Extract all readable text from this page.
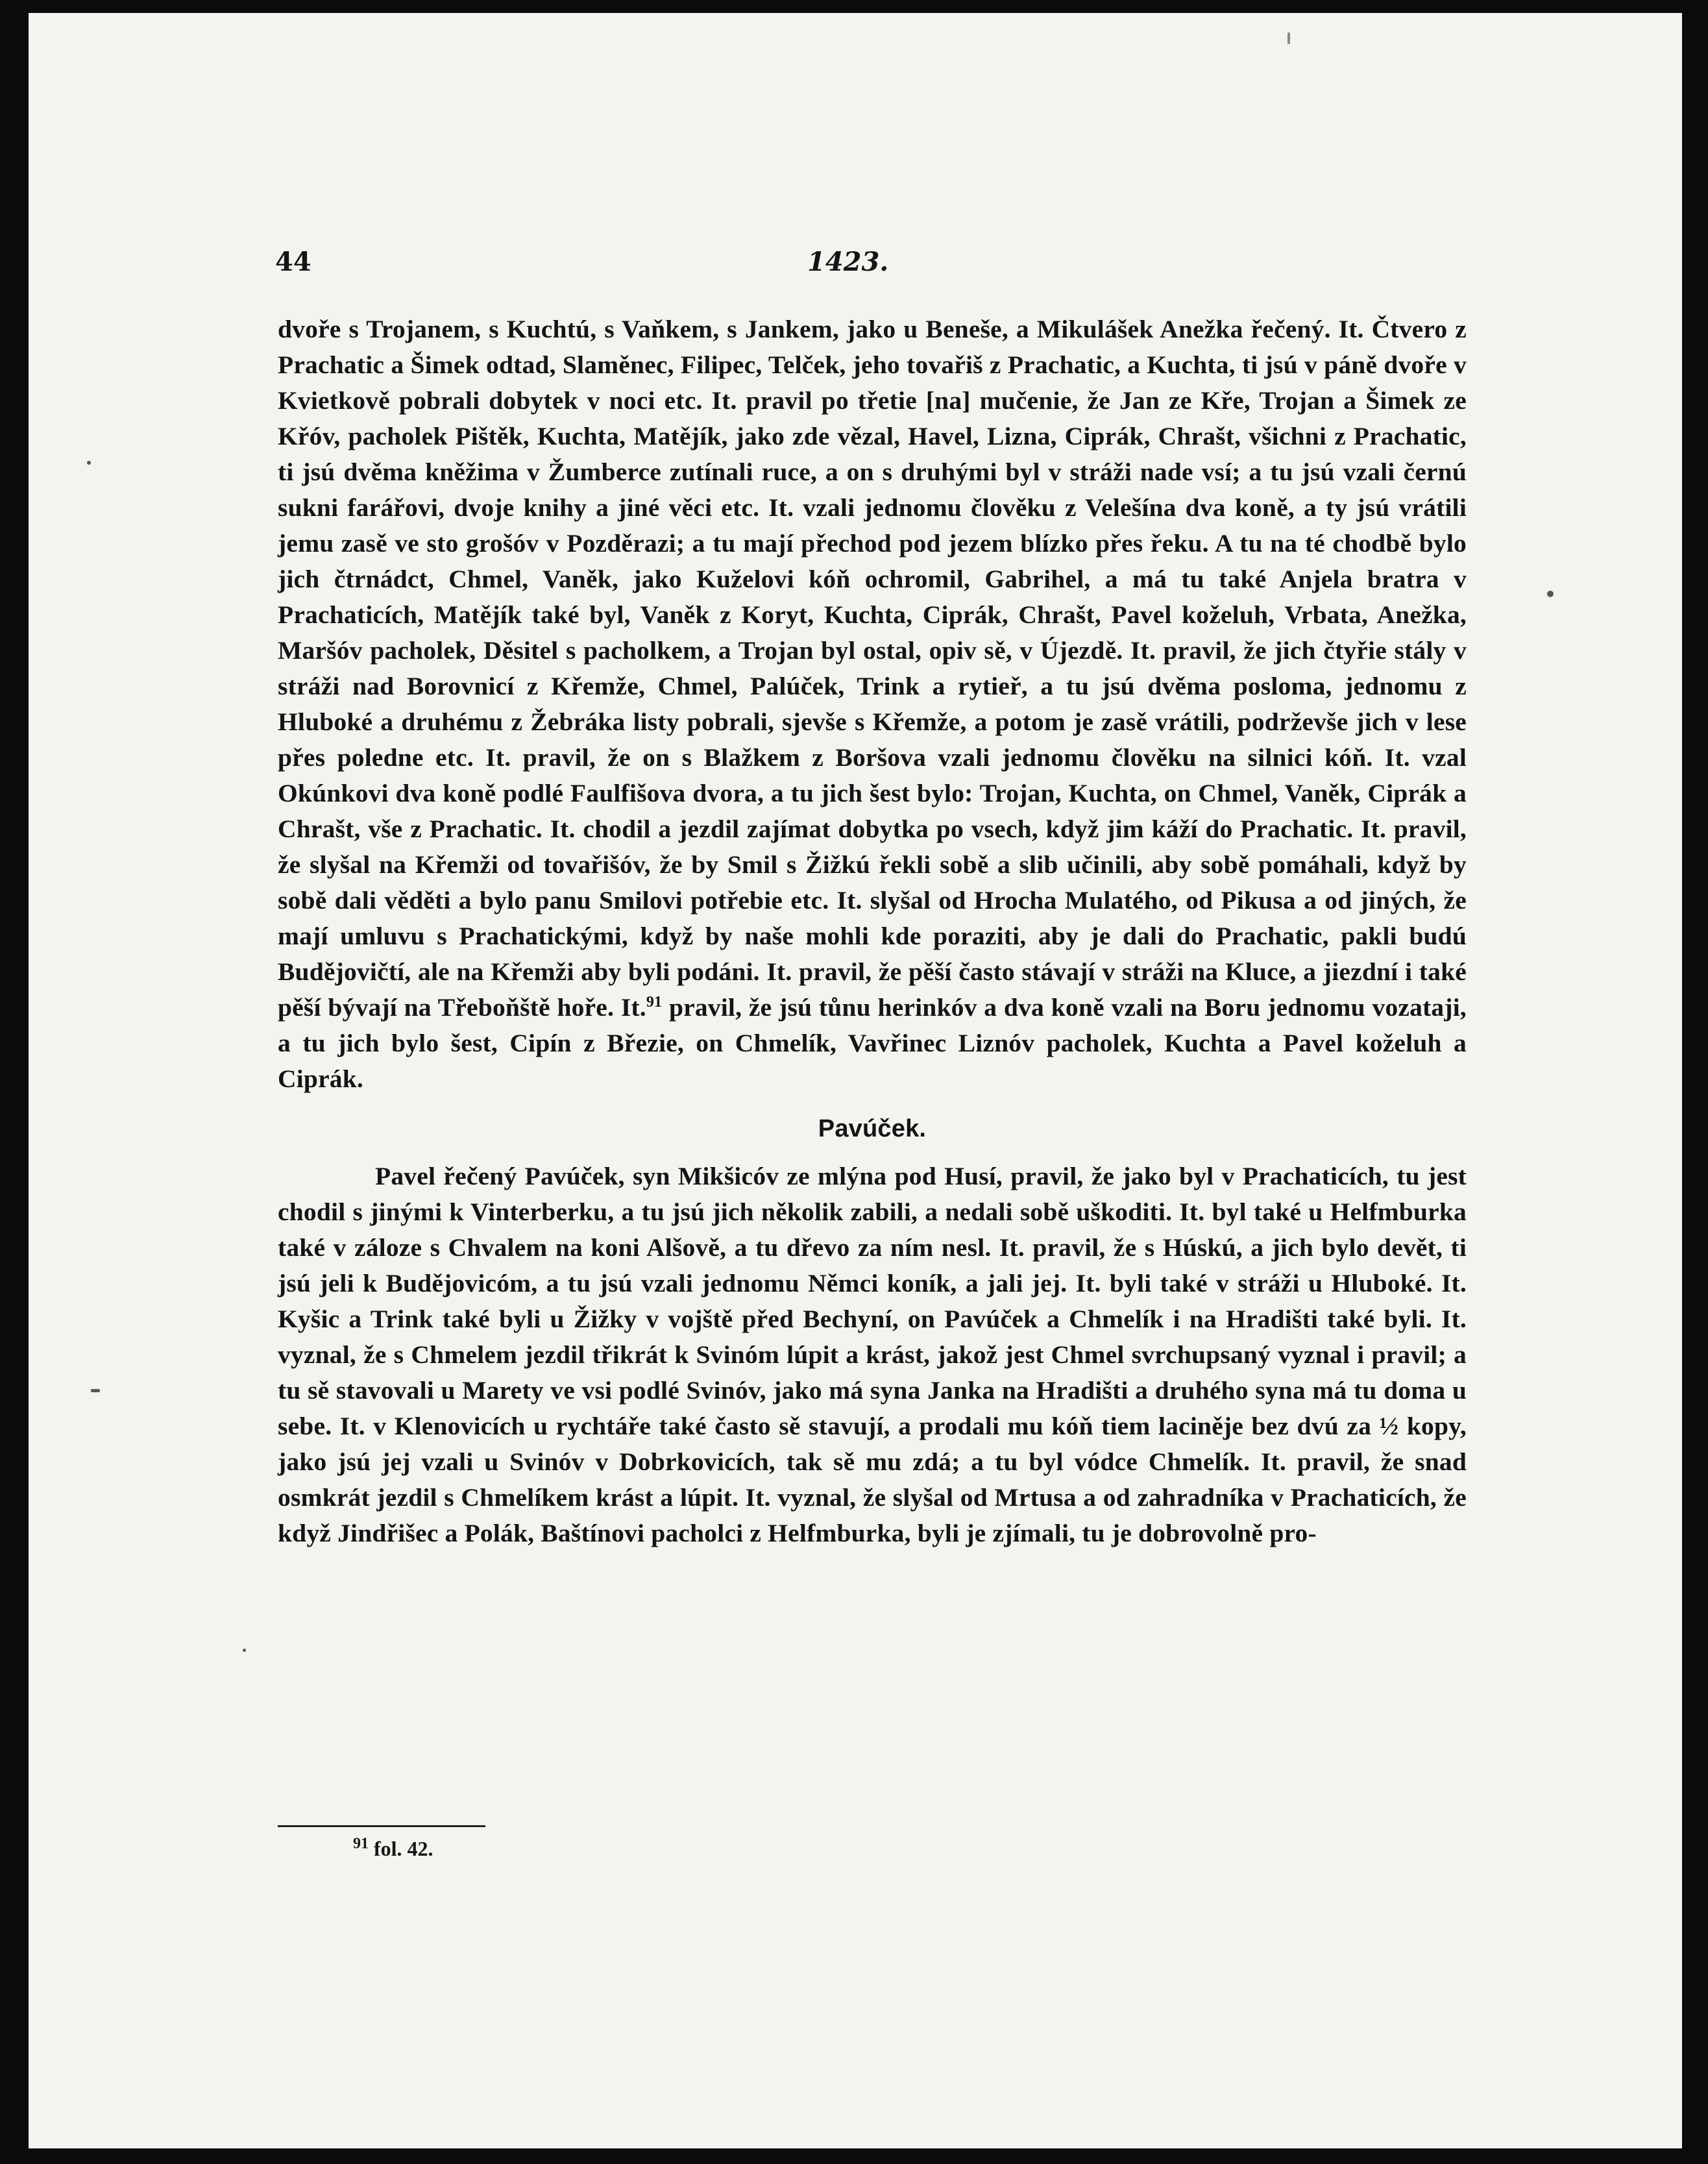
44	1423.

dvoře s Trojanem, s Kuchtú, s Vaňkem, s Jankem, jako u Beneše, a Mikulášek Anežka řečený. It. Čtvero z Prachatic a Šimek odtad, Slaměnec, Filipec, Telček, jeho tovařiš z Prachatic, a Kuchta, ti jsú v páně dvoře v Kvietkově pobrali dobytek v noci etc. It. pravil po třetie [na] mučenie, že Jan ze Kře, Trojan a Šimek ze Křóv, pacholek Pištěk, Kuchta, Matějík, jako zde vězal, Havel, Lizna, Ciprák, Chrašt, všichni z Prachatic, ti jsú dvěma kněžima v Žumberce zutínali ruce, a on s druhými byl v stráži nade vsí; a tu jsú vzali černú sukni farářovi, dvoje knihy a jiné věci etc. It. vzali jednomu člověku z Velešína dva koně, a ty jsú vrátili jemu zasě ve sto grošóv v Pozděrazi; a tu mají přechod pod jezem blízko přes řeku. A tu na té chodbě bylo jich čtrnádct, Chmel, Vaněk, jako Kuželovi kóň ochromil, Gabrihel, a má tu také Anjela bratra v Prachaticích, Matějík také byl, Vaněk z Koryt, Kuchta, Ciprák, Chrašt, Pavel koželuh, Vrbata, Anežka, Maršóv pacholek, Děsitel s pacholkem, a Trojan byl ostal, opiv sě, v Újezdě. It. pravil, že jich čtyřie stály v stráži nad Borovnicí z Křemže, Chmel, Palúček, Trink a rytieř, a tu jsú dvěma posloma, jednomu z Hluboké a druhému z Žebráka listy pobrali, sjevše s Křemže, a potom je zasě vrátili, podrževše jich v lese přes poledne etc. It. pravil, že on s Blažkem z Boršova vzali jednomu člověku na silnici kóň. It. vzal Okúnkovi dva koně podlé Faulfišova dvora, a tu jich šest bylo: Trojan, Kuchta, on Chmel, Vaněk, Ciprák a Chrašt, vše z Prachatic. It. chodil a jezdil zajímat dobytka po vsech, když jim káží do Prachatic. It. pravil, že slyšal na Křemži od tovařišóv, že by Smil s Žižkú řekli sobě a slib učinili, aby sobě pomáhali, když by sobě dali věděti a bylo panu Smilovi potřebie etc. It. slyšal od Hrocha Mulatého, od Pikusa a od jiných, že mají umluvu s Prachatickými, když by naše mohli kde poraziti, aby je dali do Prachatic, pakli budú Budějovičtí, ale na Křemži aby byli podáni. It. pravil, že pěší často stávají v stráži na Kluce, a jiezdní i také pěší bývají na Třeboňště hoře. It.$^{91}$ pravil, že jsú tůnu herinkóv a dva koně vzali na Boru jednomu vozataji, a tu jich bylo šest, Cipín z Březie, on Chmelík, Vavřinec Liznóv pacholek, Kuchta a Pavel koželuh a Ciprák.

Pavúček.

Pavel řečený Pavúček, syn Mikšicóv ze mlýna pod Husí, pravil, že jako byl v Prachaticích, tu jest chodil s jinými k Vinterberku, a tu jsú jich několik zabili, a nedali sobě uškoditi. It. byl také u Helfmburka také v záloze s Chvalem na koni Alšově, a tu dřevo za ním nesl. It. pravil, že s Húskú, a jich bylo devět, ti jsú jeli k Budějovicóm, a tu jsú vzali jednomu Němci koník, a jali jej. It. byli také v stráži u Hluboké. It. Kyšic a Trink také byli u Žižky v vojště před Bechyní, on Pavúček a Chmelík i na Hradišti také byli. It. vyznal, že s Chmelem jezdil třikrát k Svinóm lúpit a krást, jakož jest Chmel svrchupsaný vyznal i pravil; a tu sě stavovali u Marety ve vsi podlé Svinóv, jako má syna Janka na Hradišti a druhého syna má tu doma u sebe. It. v Klenovicích u rychtáře také často sě stavují, a prodali mu kóň tiem laciněje bez dvú za ½ kopy, jako jsú jej vzali u Svinóv v Dobrkovicích, tak sě mu zdá; a tu byl vódce Chmelík. It. pravil, že snad osmkrát jezdil s Chmelíkem krást a lúpit. It. vyznal, že slyšal od Mrtusa a od zahradníka v Prachaticích, že když Jindřišec a Polák, Baštínovi pacholci z Helfmburka, byli je zjímali, tu je dobrovolně pro-

$^{91}$ fol. 42.
